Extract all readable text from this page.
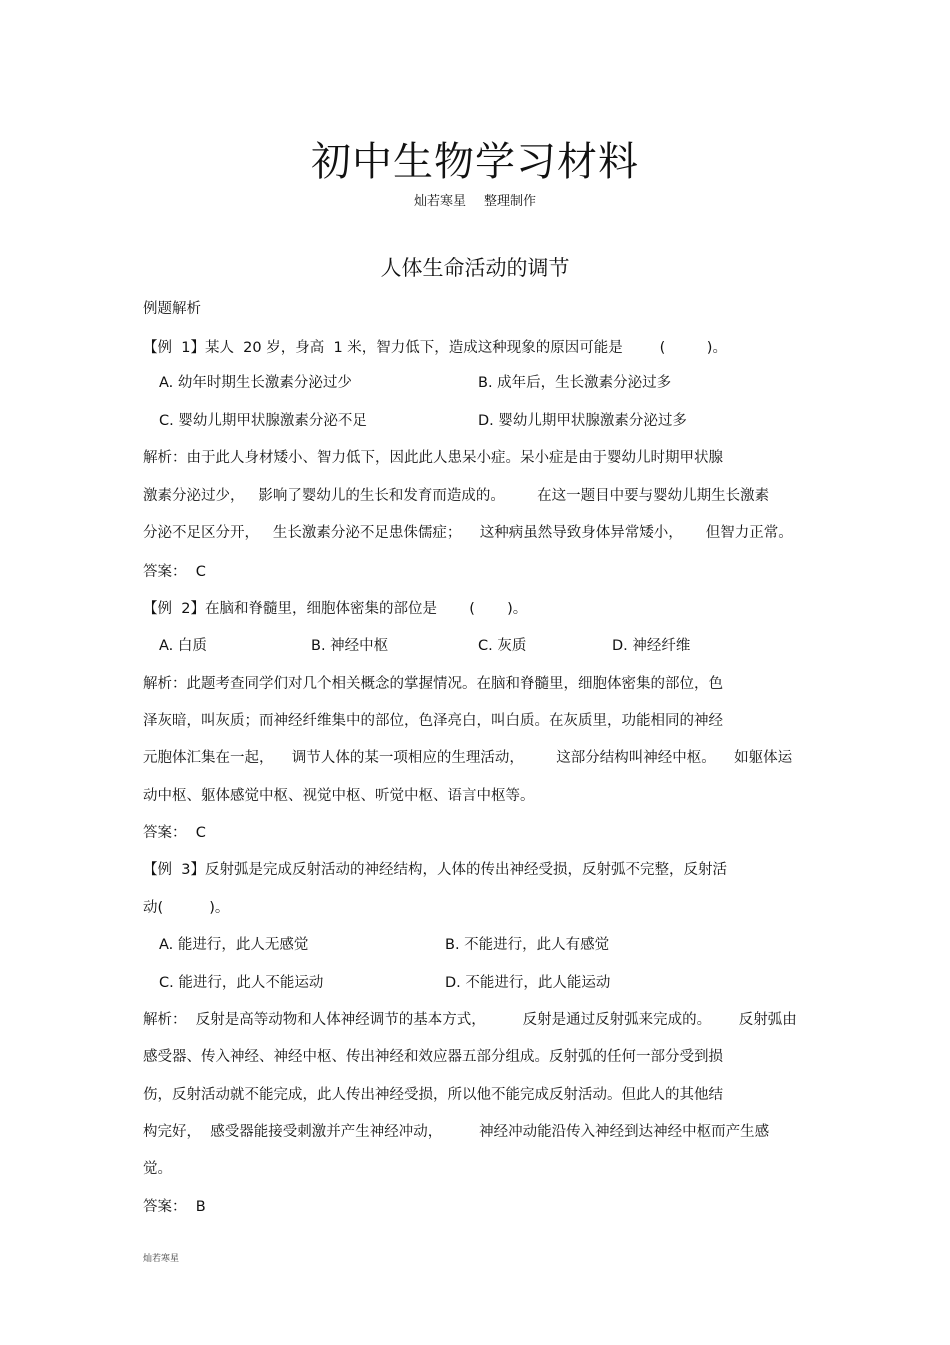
初中生物学习材料
灿若寒星 整理制作
人体生命活动的调节
例题解析
【例  1】某人  20 岁，身高  1 米，智力低下，造成这种现象的原因可能是        (         )。
A. 幼年时期生长激素分泌过少	B. 成年后，生长激素分泌过多
C. 婴幼儿期甲状腺激素分泌不足	D. 婴幼儿期甲状腺激素分泌过多
解析：由于此人身材矮小、智力低下，因此此人患呆小症。呆小症是由于婴幼儿时期甲状腺
激素分泌过少，   影响了婴幼儿的生长和发育而造成的。       在这一题目中要与婴幼儿期生长激素
分泌不足区分开，   生长激素分泌不足患侏儒症；    这种病虽然导致身体异常矮小，     但智力正常。
答案：  C
【例  2】在脑和脊髓里，细胞体密集的部位是       (       )。
A. 白质	B. 神经中枢	C. 灰质	D. 神经纤维
解析：此题考查同学们对几个相关概念的掌握情况。在脑和脊髓里，细胞体密集的部位，色
泽灰暗，叫灰质；而神经纤维集中的部位，色泽亮白，叫白质。在灰质里，功能相同的神经
元胞体汇集在一起，    调节人体的某一项相应的生理活动，       这部分结构叫神经中枢。    如躯体运
动中枢、躯体感觉中枢、视觉中枢、听觉中枢、语言中枢等。
答案：  C
【例  3】反射弧是完成反射活动的神经结构，人体的传出神经受损，反射弧不完整，反射活
动(          )。
A. 能进行，此人无感觉	B. 不能进行，此人有感觉
C. 能进行，此人不能运动	D. 不能进行，此人能运动
解析：  反射是高等动物和人体神经调节的基本方式，        反射是通过反射弧来完成的。      反射弧由
感受器、传入神经、神经中枢、传出神经和效应器五部分组成。反射弧的任何一部分受到损
伤，反射活动就不能完成，此人传出神经受损，所以他不能完成反射活动。但此人的其他结
构完好，  感受器能接受刺激并产生神经冲动，        神经冲动能沿传入神经到达神经中枢而产生感
觉。
答案：  B
灿若寒星
